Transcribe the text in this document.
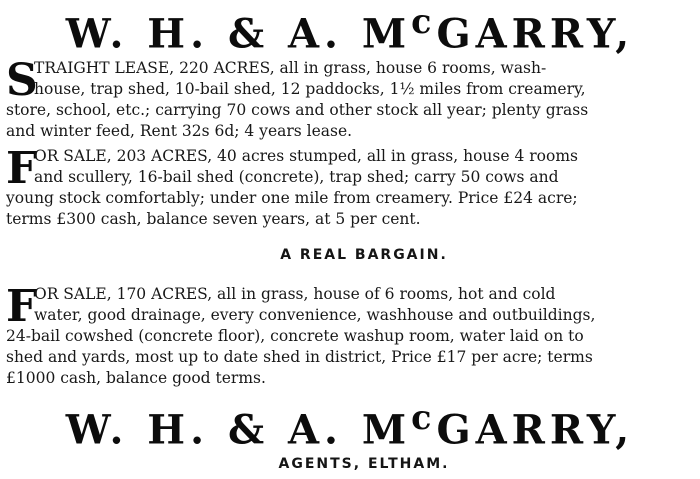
W. H. & A. $M^cGARRY$,
S
TRAIGHT LEASE, 220 ACRES, all in grass, house 6 rooms, wash-
house, trap shed, 10-bail shed, 12 paddocks, 1½ miles from creamery,
store, school, etc.; carrying 70 cows and other stock all year; plenty grass
and winter feed, Rent 32s 6d; 4 years lease.
F
OR SALE, 203 ACRES, 40 acres stumped, all in grass, house 4 rooms
and scullery, 16-bail shed (concrete), trap shed; carry 50 cows and
young stock comfortably; under one mile from creamery. Price £24 acre;
terms £300 cash, balance seven years, at 5 per cent.
A REAL BARGAIN.
F
OR SALE, 170 ACRES, all in grass, house of 6 rooms, hot and cold
water, good drainage, every convenience, washhouse and outbuildings,
24-bail cowshed (concrete floor), concrete washup room, water laid on to
shed and yards, most up to date shed in district, Price £17 per acre; terms
£1000 cash, balance good terms.
W. H. & A. $M^cGARRY$,
AGENTS, ELTHAM.
